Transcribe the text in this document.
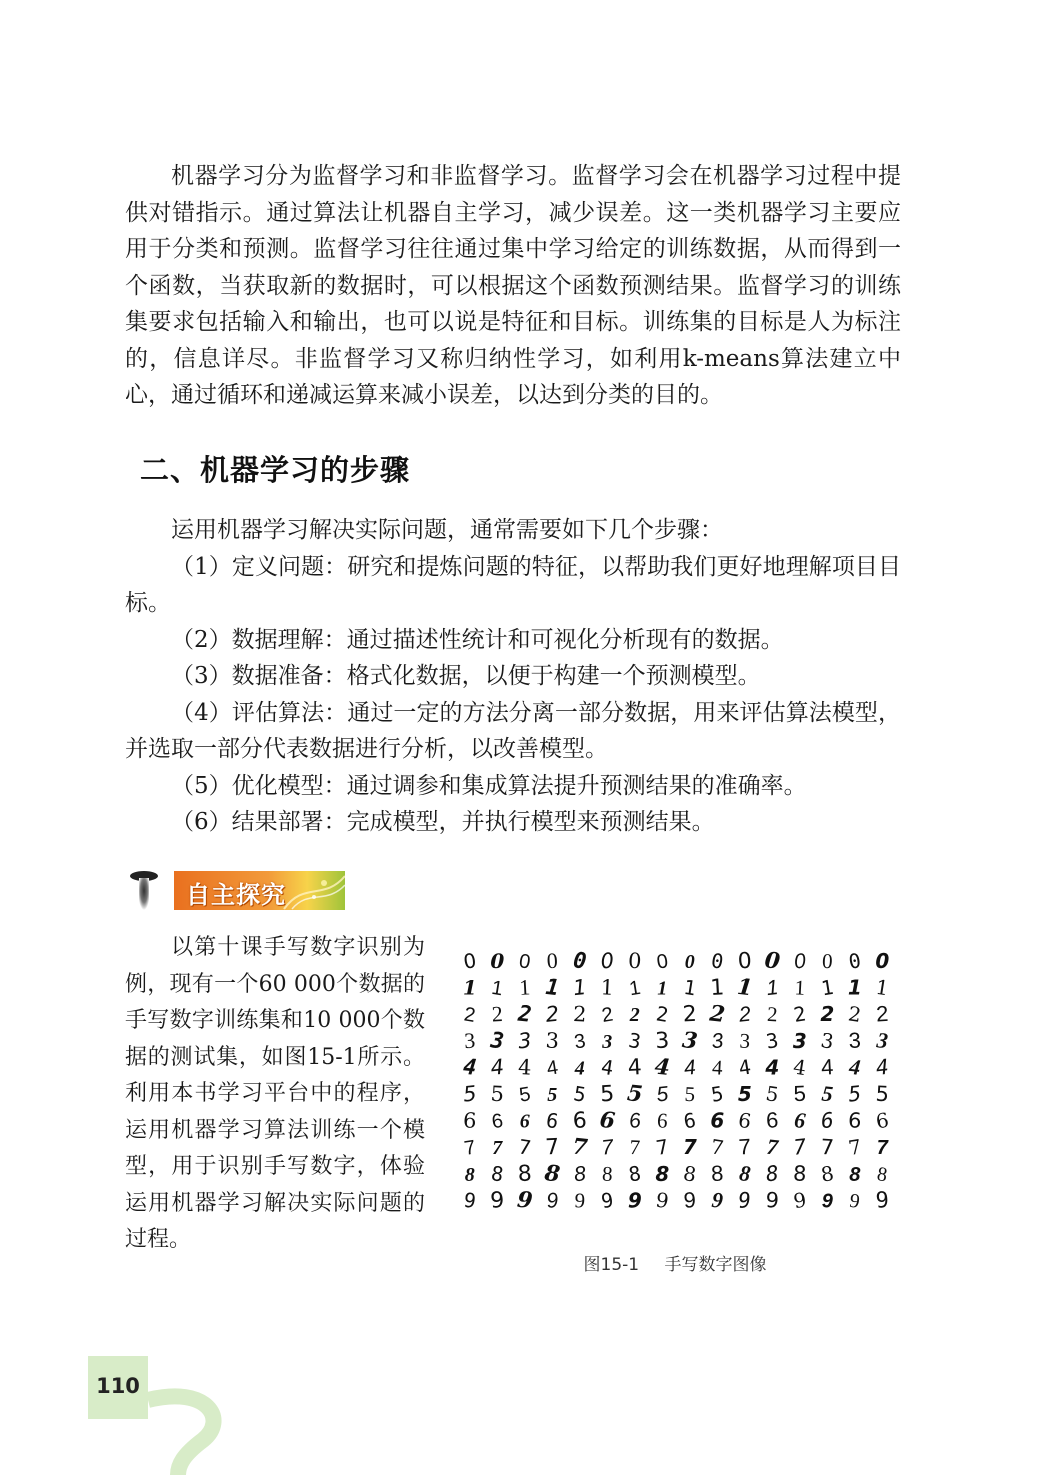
机器学习分为监督学习和非监督学习。监督学习会在机器学习过程中提供对错指示。通过算法让机器自主学习，减少误差。这一类机器学习主要应用于分类和预测。监督学习往往通过集中学习给定的训练数据，从而得到一个函数，当获取新的数据时，可以根据这个函数预测结果。监督学习的训练集要求包括输入和输出，也可以说是特征和目标。训练集的目标是人为标注的，信息详尽。非监督学习又称归纳性学习，如利用k-means算法建立中心，通过循环和递减运算来减小误差，以达到分类的目的。

二、机器学习的步骤

运用机器学习解决实际问题，通常需要如下几个步骤：

（1）定义问题：研究和提炼问题的特征，以帮助我们更好地理解项目目标。

（2）数据理解：通过描述性统计和可视化分析现有的数据。

（3）数据准备：格式化数据，以便于构建一个预测模型。

（4）评估算法：通过一定的方法分离一部分数据，用来评估算法模型，并选取一部分代表数据进行分析，以改善模型。

（5）优化模型：通过调参和集成算法提升预测结果的准确率。

（6）结果部署：完成模型，并执行模型来预测结果。

自主探究

以第十课手写数字识别为例，现有一个60 000个数据的手写数字训练集和10 000个数据的测试集，如图15-1所示。利用本书学习平台中的程序，运用机器学习算法训练一个模型，用于识别手写数字，体验运用机器学习解决实际问题的过程。

0 0 0 0 0 0 0 0 0 0 0 0 0 0 0 0
1 1 1 1 1 1 1 1 1 1 1 1 1 1 1 1
2 2 2 2 2 2 2 2 2 2 2 2 2 2 2 2
3 3 3 3 3 3 3 3 3 3 3 3 3 3 3 3
4 4 4 4 4 4 4 4 4 4 4 4 4 4 4 4
5 5 5 5 5 5 5 5 5 5 5 5 5 5 5 5
6 6 6 6 6 6 6 6 6 6 6 6 6 6 6 6
7 7 7 7 7 7 7 7 7 7 7 7 7 7 7 7
8 8 8 8 8 8 8 8 8 8 8 8 8 8 8 8
9 9 9 9 9 9 9 9 9 9 9 9 9 9 9 9
图15-1 手写数字图像
110
